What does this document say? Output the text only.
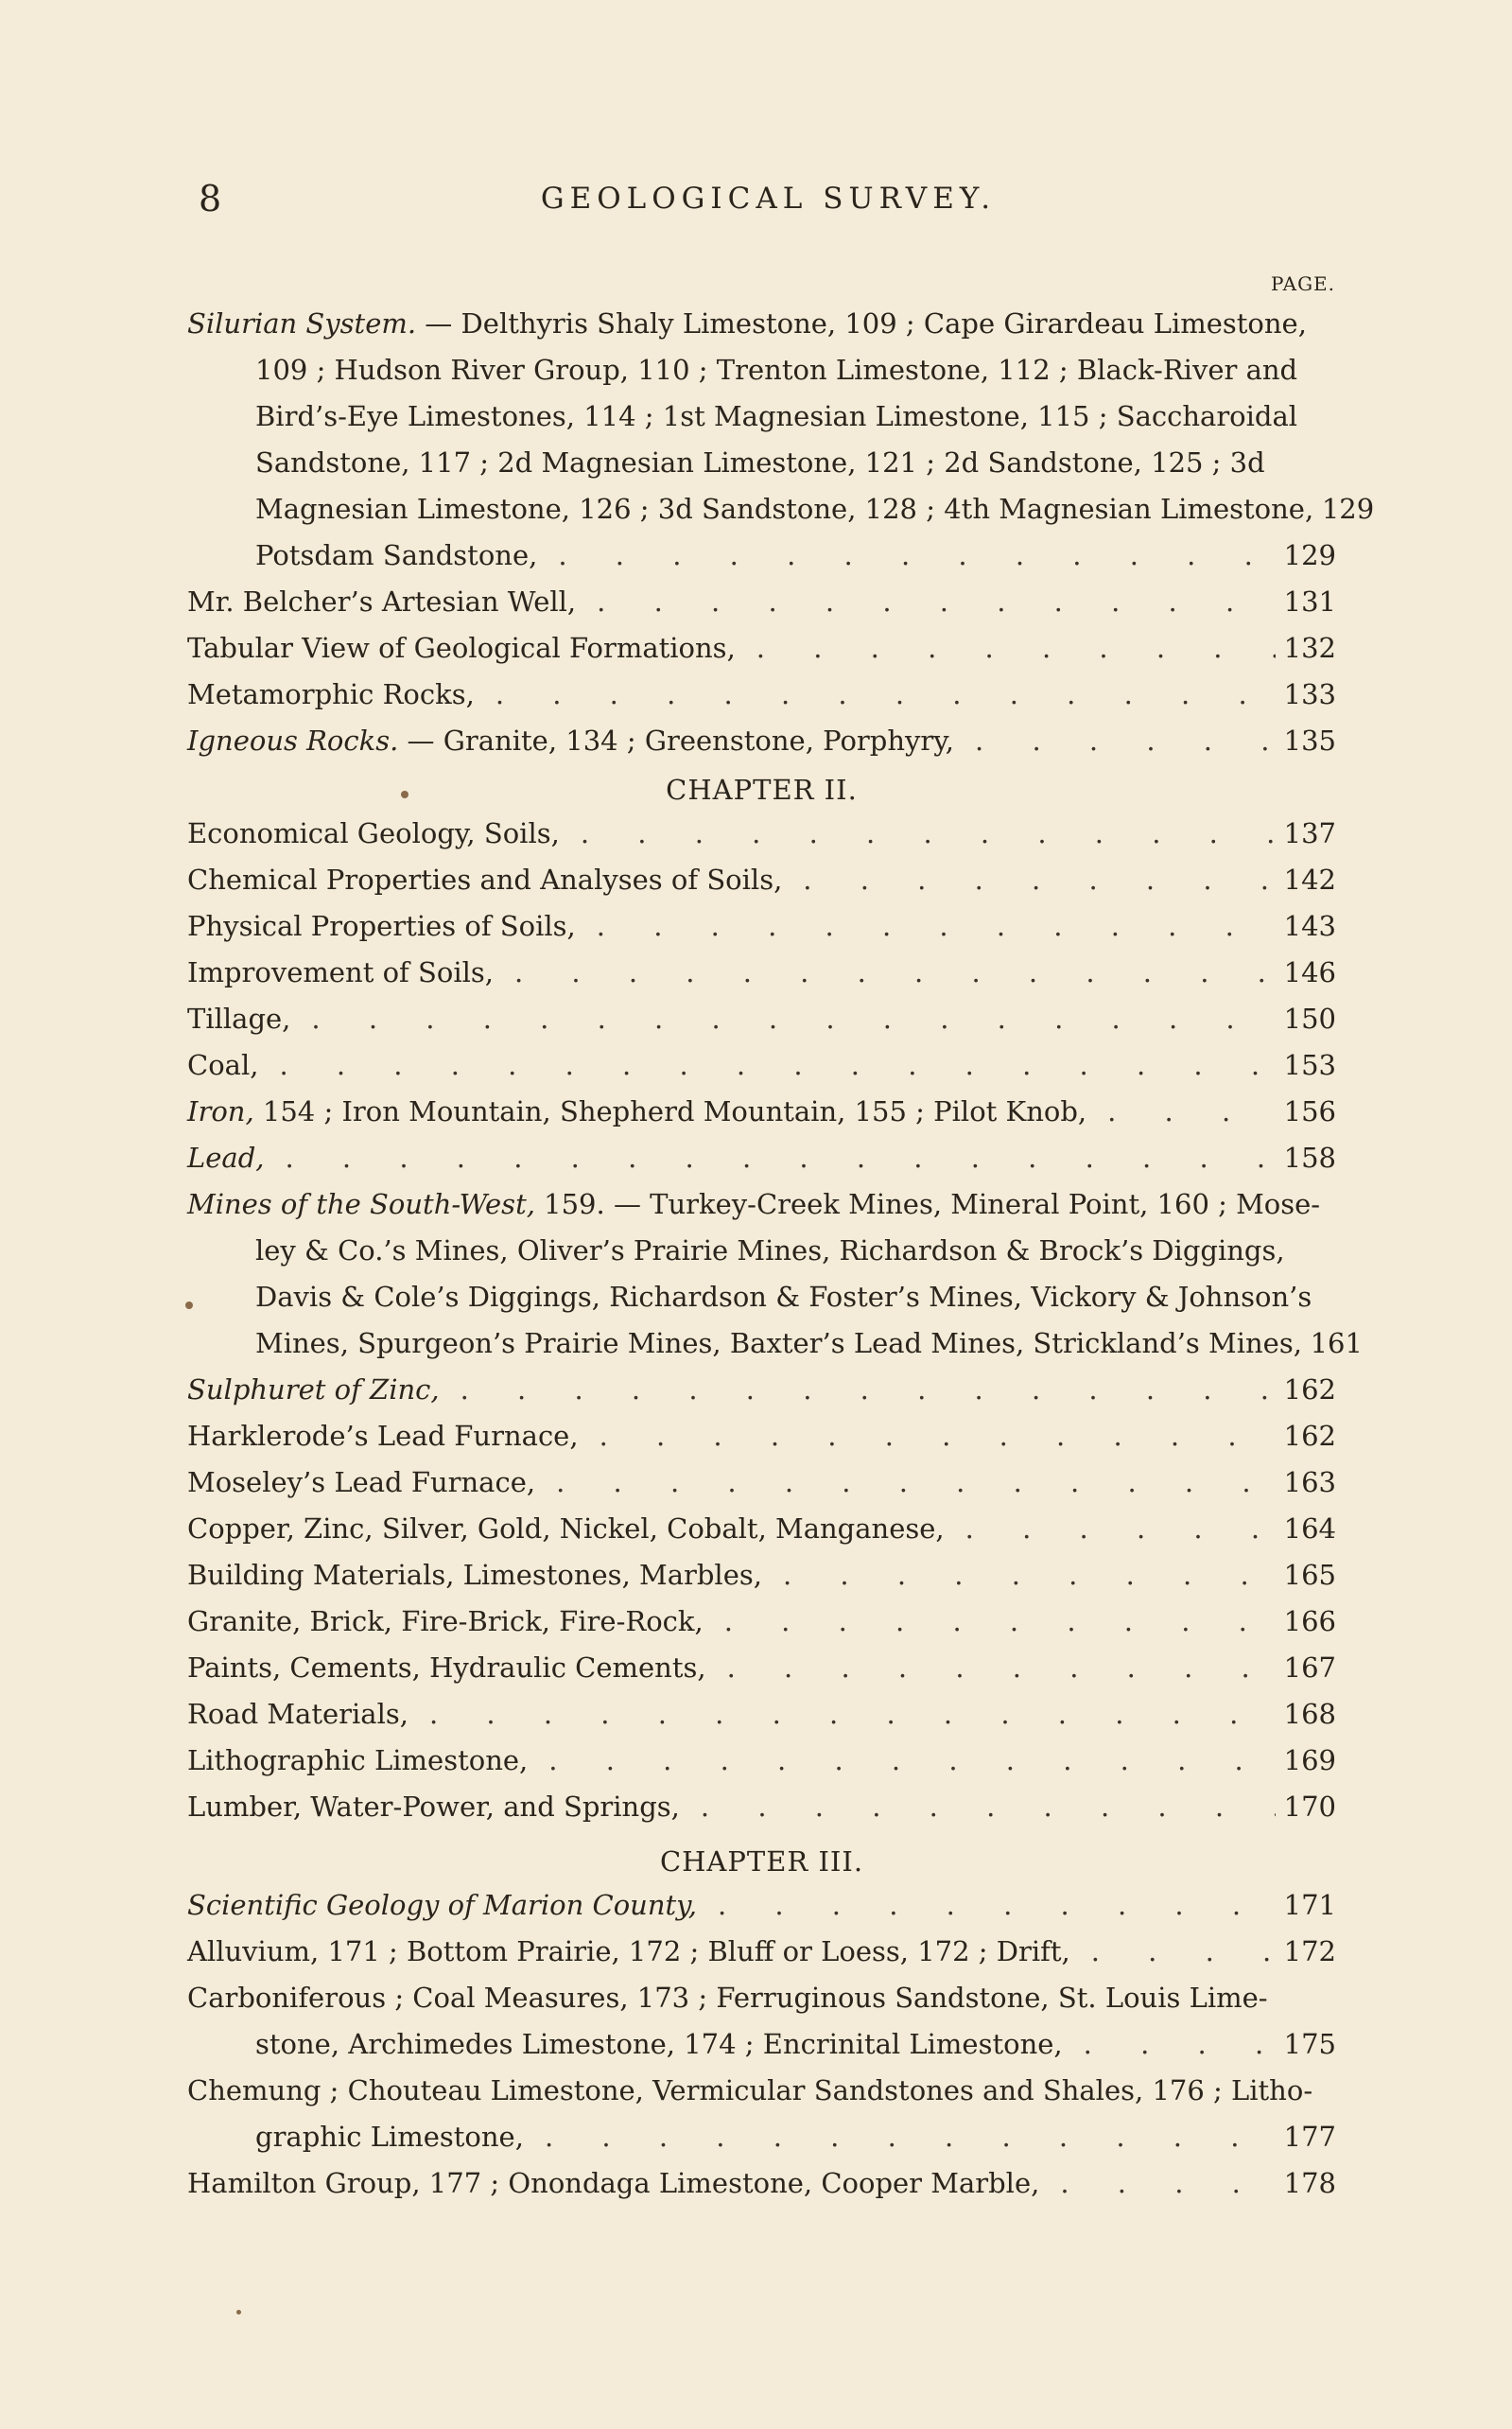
8	GEOLOGICAL SURVEY.
PAGE.
Silurian System. — Delthyris Shaly Limestone, 109 ; Cape Girardeau Limestone,
109 ; Hudson River Group, 110 ; Trenton Limestone, 112 ; Black-River and
Bird’s-Eye Limestones, 114 ; 1st Magnesian Limestone, 115 ; Saccharoidal
Sandstone, 117 ; 2d Magnesian Limestone, 121 ; 2d Sandstone, 125 ; 3d
Magnesian Limestone, 126 ; 3d Sandstone, 128 ; 4th Magnesian Limestone, 129
Potsdam Sandstone, . . .	129
Mr. Belcher’s Artesian Well, . . .	131
Tabular View of Geological Formations, . . .	132
Metamorphic Rocks, . . .	133
Igneous Rocks. — Granite, 134 ; Greenstone, Porphyry, . . .	135
CHAPTER II.
Economical Geology, Soils, . . .	137
Chemical Properties and Analyses of Soils, . . .	142
Physical Properties of Soils, . . .	143
Improvement of Soils, . . .	146
Tillage, . . .	150
Coal, . . .	153
Iron, 154 ; Iron Mountain, Shepherd Mountain, 155 ; Pilot Knob, . . .	156
Lead, . . .	158
Mines of the South-West, 159. — Turkey-Creek Mines, Mineral Point, 160 ; Mose-
ley & Co.’s Mines, Oliver’s Prairie Mines, Richardson & Brock’s Diggings,
Davis & Cole’s Diggings, Richardson & Foster’s Mines, Vickory & Johnson’s
Mines, Spurgeon’s Prairie Mines, Baxter’s Lead Mines, Strickland’s Mines, 161
Sulphuret of Zinc, . . .	162
Harklerode’s Lead Furnace, . . .	162
Moseley’s Lead Furnace, . . .	163
Copper, Zinc, Silver, Gold, Nickel, Cobalt, Manganese, . . .	164
Building Materials, Limestones, Marbles, . . .	165
Granite, Brick, Fire-Brick, Fire-Rock, . . .	166
Paints, Cements, Hydraulic Cements, . . .	167
Road Materials, . . .	168
Lithographic Limestone, . . .	169
Lumber, Water-Power, and Springs, . . .	170
CHAPTER III.
Scientific Geology of Marion County, . . .	171
Alluvium, 171 ; Bottom Prairie, 172 ; Bluff or Loess, 172 ; Drift, . . .	172
Carboniferous ; Coal Measures, 173 ; Ferruginous Sandstone, St. Louis Lime-
stone, Archimedes Limestone, 174 ; Encrinital Limestone, . . .	175
Chemung ; Chouteau Limestone, Vermicular Sandstones and Shales, 176 ; Litho-
graphic Limestone, . . .	177
Hamilton Group, 177 ; Onondaga Limestone, Cooper Marble, . . .	178
